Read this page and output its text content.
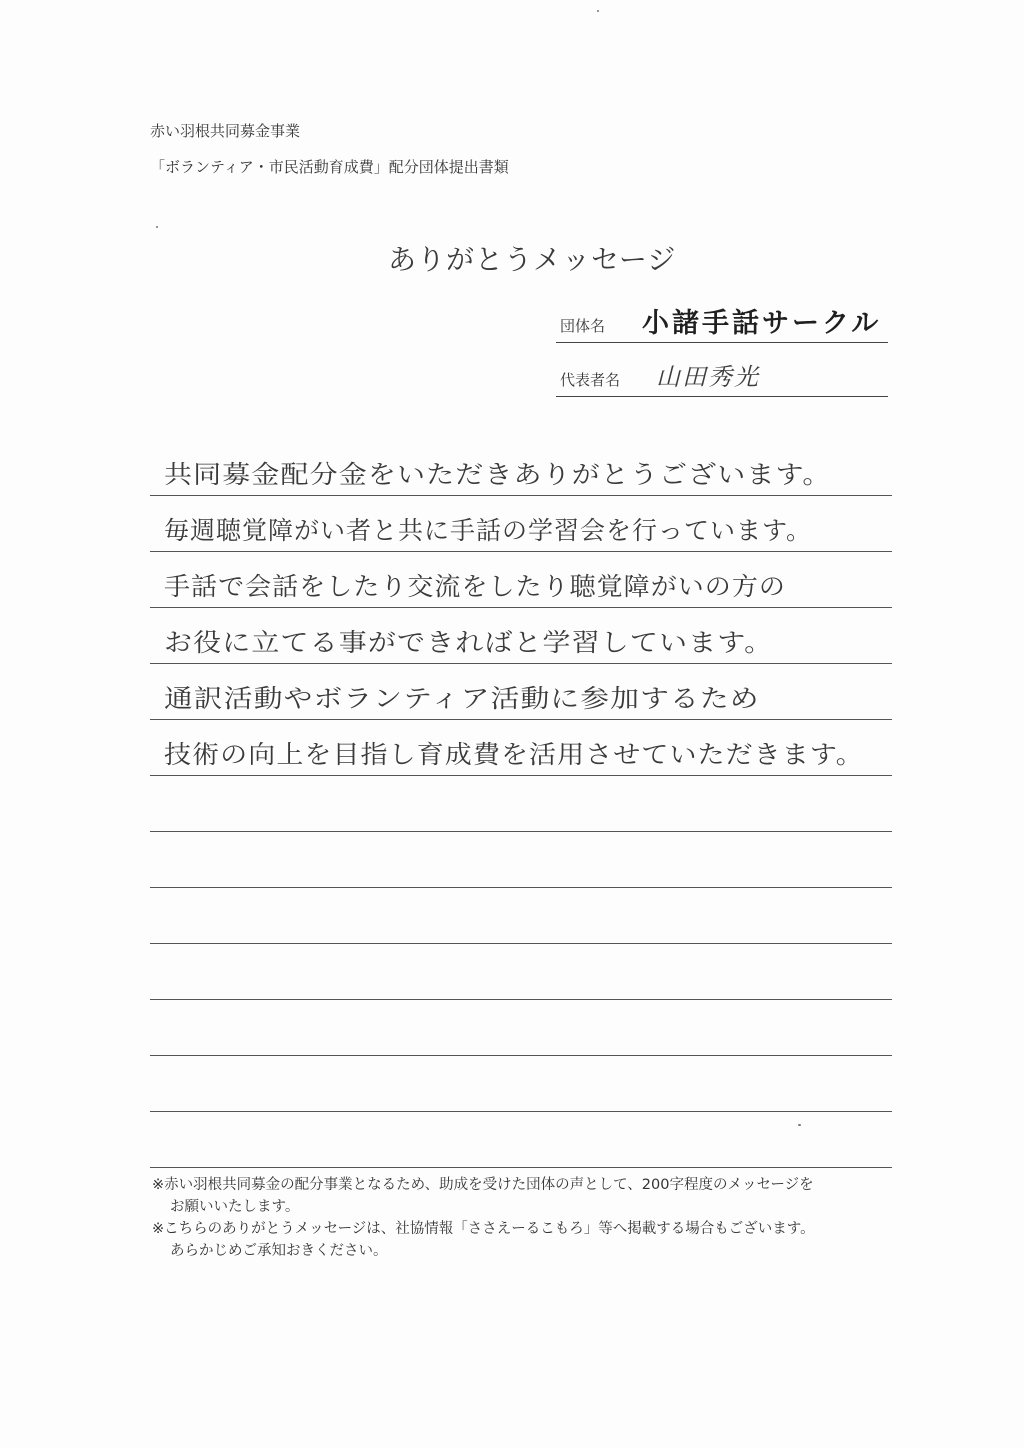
赤い羽根共同募金事業
「ボランティア・市民活動育成費」配分団体提出書類
ありがとうメッセージ
団体名 小諸手話サークル
代表者名 山田秀光
共同募金配分金をいただきありがとうございます。
毎週聴覚障がい者と共に手話の学習会を行っています。
手話で会話をしたり交流をしたり聴覚障がいの方の
お役に立てる事ができればと学習しています。
通訳活動やボランティア活動に参加するため
技術の向上を目指し育成費を活用させていただきます。
※赤い羽根共同募金の配分事業となるため、助成を受けた団体の声として、200字程度のメッセージを
お願いいたします。
※こちらのありがとうメッセージは、社協情報「ささえーるこもろ」等へ掲載する場合もございます。
あらかじめご承知おきください。
